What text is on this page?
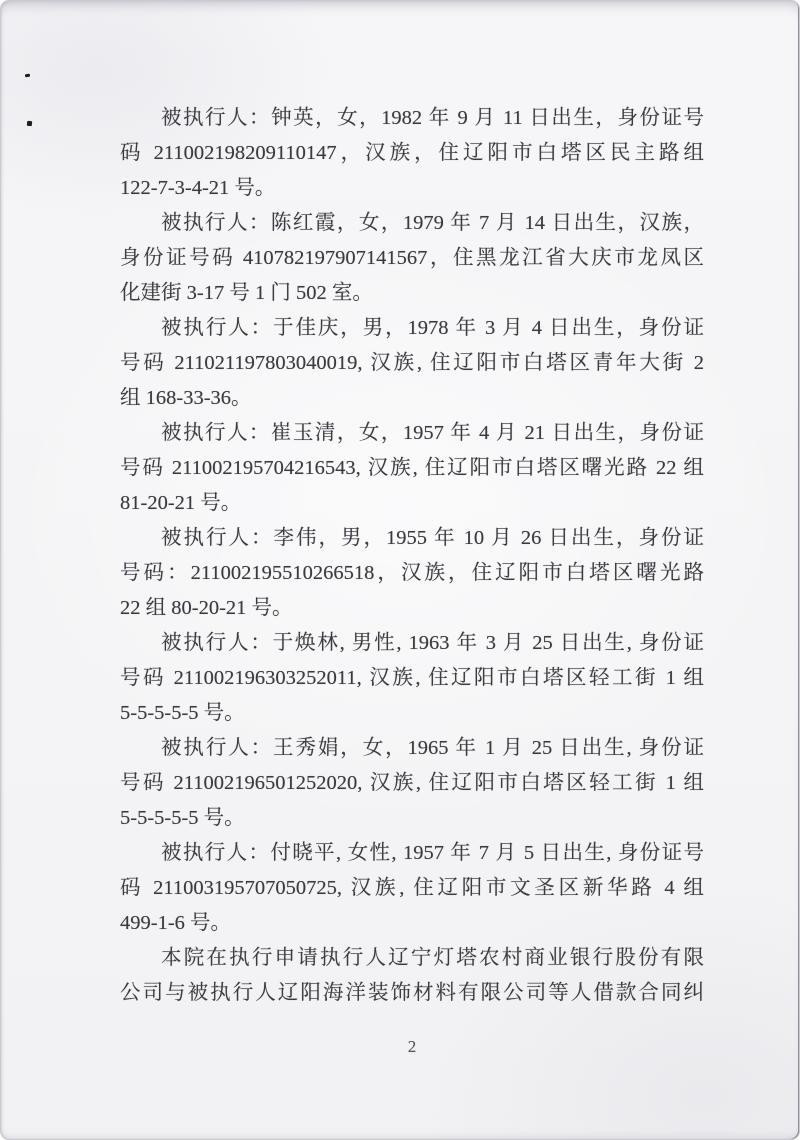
被执行人：钟英，女，1982 年 9 月 11 日出生，身份证号
码 211002198209110147，汉族，住辽阳市白塔区民主路组
122-7-3-4-21 号。
被执行人：陈红霞，女，1979 年 7 月 14 日出生，汉族，
身份证号码 410782197907141567，住黑龙江省大庆市龙凤区
化建街 3-17 号 1 门 502 室。
被执行人：于佳庆，男，1978 年 3 月 4 日出生，身份证
号码 211021197803040019, 汉族, 住辽阳市白塔区青年大街 2
组 168-33-36。
被执行人：崔玉清，女，1957 年 4 月 21 日出生，身份证
号码 211002195704216543, 汉族, 住辽阳市白塔区曙光路 22 组
81-20-21 号。
被执行人：李伟，男，1955 年 10 月 26 日出生，身份证
号码：211002195510266518，汉族，住辽阳市白塔区曙光路
22 组 80-20-21 号。
被执行人：于焕林, 男性, 1963 年 3 月 25 日出生, 身份证
号码 211002196303252011, 汉族, 住辽阳市白塔区轻工街 1 组
5-5-5-5-5 号。
被执行人：王秀娟，女，1965 年 1 月 25 日出生, 身份证
号码 211002196501252020, 汉族, 住辽阳市白塔区轻工街 1 组
5-5-5-5-5 号。
被执行人：付晓平, 女性, 1957 年 7 月 5 日出生, 身份证号
码 211003195707050725, 汉族, 住辽阳市文圣区新华路 4 组
499-1-6 号。
本院在执行申请执行人辽宁灯塔农村商业银行股份有限
公司与被执行人辽阳海洋装饰材料有限公司等人借款合同纠
2
